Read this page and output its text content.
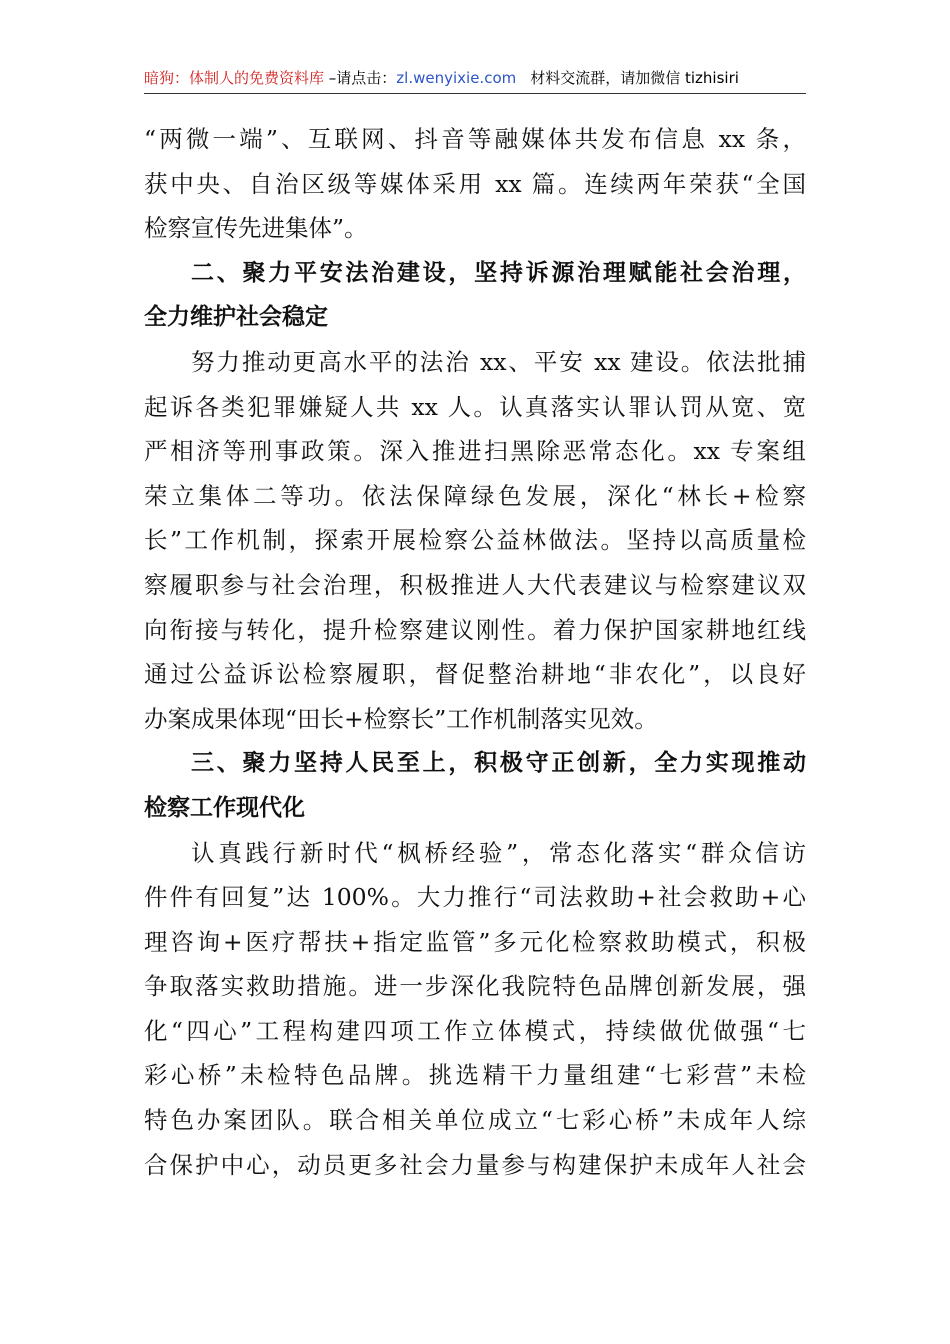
暗狗：体制人的免费资料库 –请点击：zl.wenyixie.com 材料交流群，请加微信 tizhisiri
“两微一端”、互联网、抖音等融媒体共发布信息 xx 条，
获中央、自治区级等媒体采用 xx 篇。连续两年荣获“全国
检察宣传先进集体”。
二、聚力平安法治建设，坚持诉源治理赋能社会治理，
全力维护社会稳定
努力推动更高水平的法治 xx、平安 xx 建设。依法批捕
起诉各类犯罪嫌疑人共 xx 人。认真落实认罪认罚从宽、宽
严相济等刑事政策。深入推进扫黑除恶常态化。xx 专案组
荣立集体二等功。依法保障绿色发展，深化“林长+检察
长”工作机制，探索开展检察公益林做法。坚持以高质量检
察履职参与社会治理，积极推进人大代表建议与检察建议双
向衔接与转化，提升检察建议刚性。着力保护国家耕地红线
通过公益诉讼检察履职，督促整治耕地“非农化”，以良好
办案成果体现“田长+检察长”工作机制落实见效。
三、聚力坚持人民至上，积极守正创新，全力实现推动
检察工作现代化
认真践行新时代“枫桥经验”，常态化落实“群众信访
件件有回复”达 100%。大力推行“司法救助+社会救助+心
理咨询+医疗帮扶+指定监管”多元化检察救助模式，积极
争取落实救助措施。进一步深化我院特色品牌创新发展，强
化“四心”工程构建四项工作立体模式，持续做优做强“七
彩心桥”未检特色品牌。挑选精干力量组建“七彩营”未检
特色办案团队。联合相关单位成立“七彩心桥”未成年人综
合保护中心，动员更多社会力量参与构建保护未成年人社会
